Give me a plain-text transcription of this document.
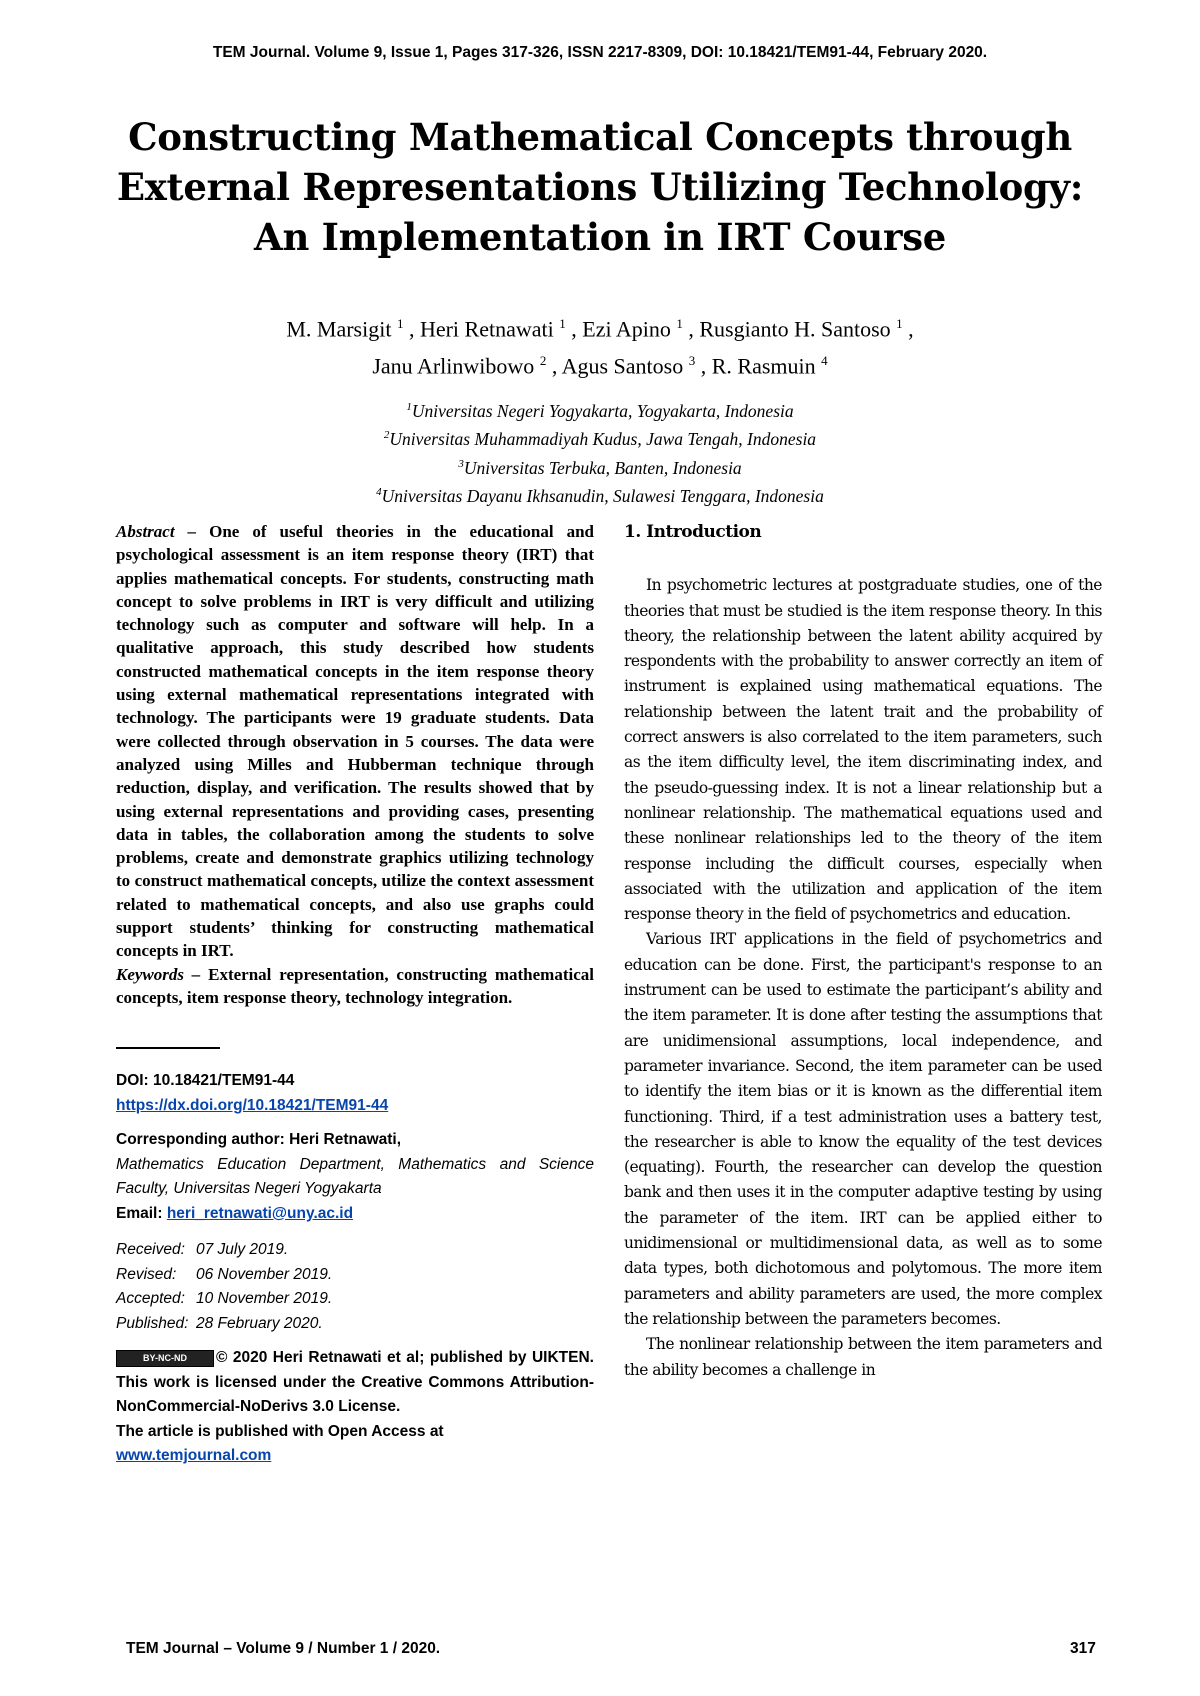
TEM Journal. Volume 9, Issue 1, Pages 317-326, ISSN 2217-8309, DOI: 10.18421/TEM91-44, February 2020.
Constructing Mathematical Concepts through
External Representations Utilizing Technology:
An Implementation in IRT Course
M. Marsigit $^1$ , Heri Retnawati $^1$ , Ezi Apino $^1$ , Rusgianto H. Santoso $^1$ ,
Janu Arlinwibowo $^2$ , Agus Santoso $^3$ , R. Rasmuin $^4$
$^1$Universitas Negeri Yogyakarta, Yogyakarta, Indonesia
$^2$Universitas Muhammadiyah Kudus, Jawa Tengah, Indonesia
$^3$Universitas Terbuka, Banten, Indonesia
$^4$Universitas Dayanu Ikhsanudin, Sulawesi Tenggara, Indonesia

Abstract – One of useful theories in the educational and psychological assessment is an item response theory (IRT) that applies mathematical concepts. For students, constructing math concept to solve problems in IRT is very difficult and utilizing technology such as computer and software will help. In a qualitative approach, this study described how students constructed mathematical concepts in the item response theory using external mathematical representations integrated with technology. The participants were 19 graduate students. Data were collected through observation in 5 courses. The data were analyzed using Milles and Hubberman technique through reduction, display, and verification. The results showed that by using external representations and providing cases, presenting data in tables, the collaboration among the students to solve problems, create and demonstrate graphics utilizing technology to construct mathematical concepts, utilize the context assessment related to mathematical concepts, and also use graphs could support students’ thinking for constructing mathematical concepts in IRT.

Keywords – External representation, constructing mathematical concepts, item response theory, technology integration.

DOI: 10.18421/TEM91-44
https://dx.doi.org/10.18421/TEM91-44
Corresponding author: Heri Retnawati,
Mathematics Education Department, Mathematics and Science Faculty, Universitas Negeri Yogyakarta
Email: heri_retnawati@uny.ac.id
Received: 07 July 2019.
Revised:	06 November 2019.
Accepted: 10 November 2019.
Published: 28 February 2020.
BY-NC-ND © 2020 Heri Retnawati et al; published by UIKTEN. This work is licensed under the Creative Commons Attribution-NonCommercial-NoDerivs 3.0 License.
The article is published with Open Access at
www.temjournal.com
1. Introduction

In psychometric lectures at postgraduate studies, one of the theories that must be studied is the item response theory. In this theory, the relationship between the latent ability acquired by respondents with the probability to answer correctly an item of instrument is explained using mathematical equations. The relationship between the latent trait and the probability of correct answers is also correlated to the item parameters, such as the item difficulty level, the item discriminating index, and the pseudo-guessing index. It is not a linear relationship but a nonlinear relationship. The mathematical equations used and these nonlinear relationships led to the theory of the item response including the difficult courses, especially when associated with the utilization and application of the item response theory in the field of psychometrics and education.

Various IRT applications in the field of psychometrics and education can be done. First, the participant's response to an instrument can be used to estimate the participant’s ability and the item parameter. It is done after testing the assumptions that are unidimensional assumptions, local independence, and parameter invariance. Second, the item parameter can be used to identify the item bias or it is known as the differential item functioning. Third, if a test administration uses a battery test, the researcher is able to know the equality of the test devices (equating). Fourth, the researcher can develop the question bank and then uses it in the computer adaptive testing by using the parameter of the item. IRT can be applied either to unidimensional or multidimensional data, as well as to some data types, both dichotomous and polytomous. The more item parameters and ability parameters are used, the more complex the relationship between the parameters becomes.

The nonlinear relationship between the item parameters and the ability becomes a challenge in

TEM Journal – Volume 9 / Number 1 / 2020.	317
